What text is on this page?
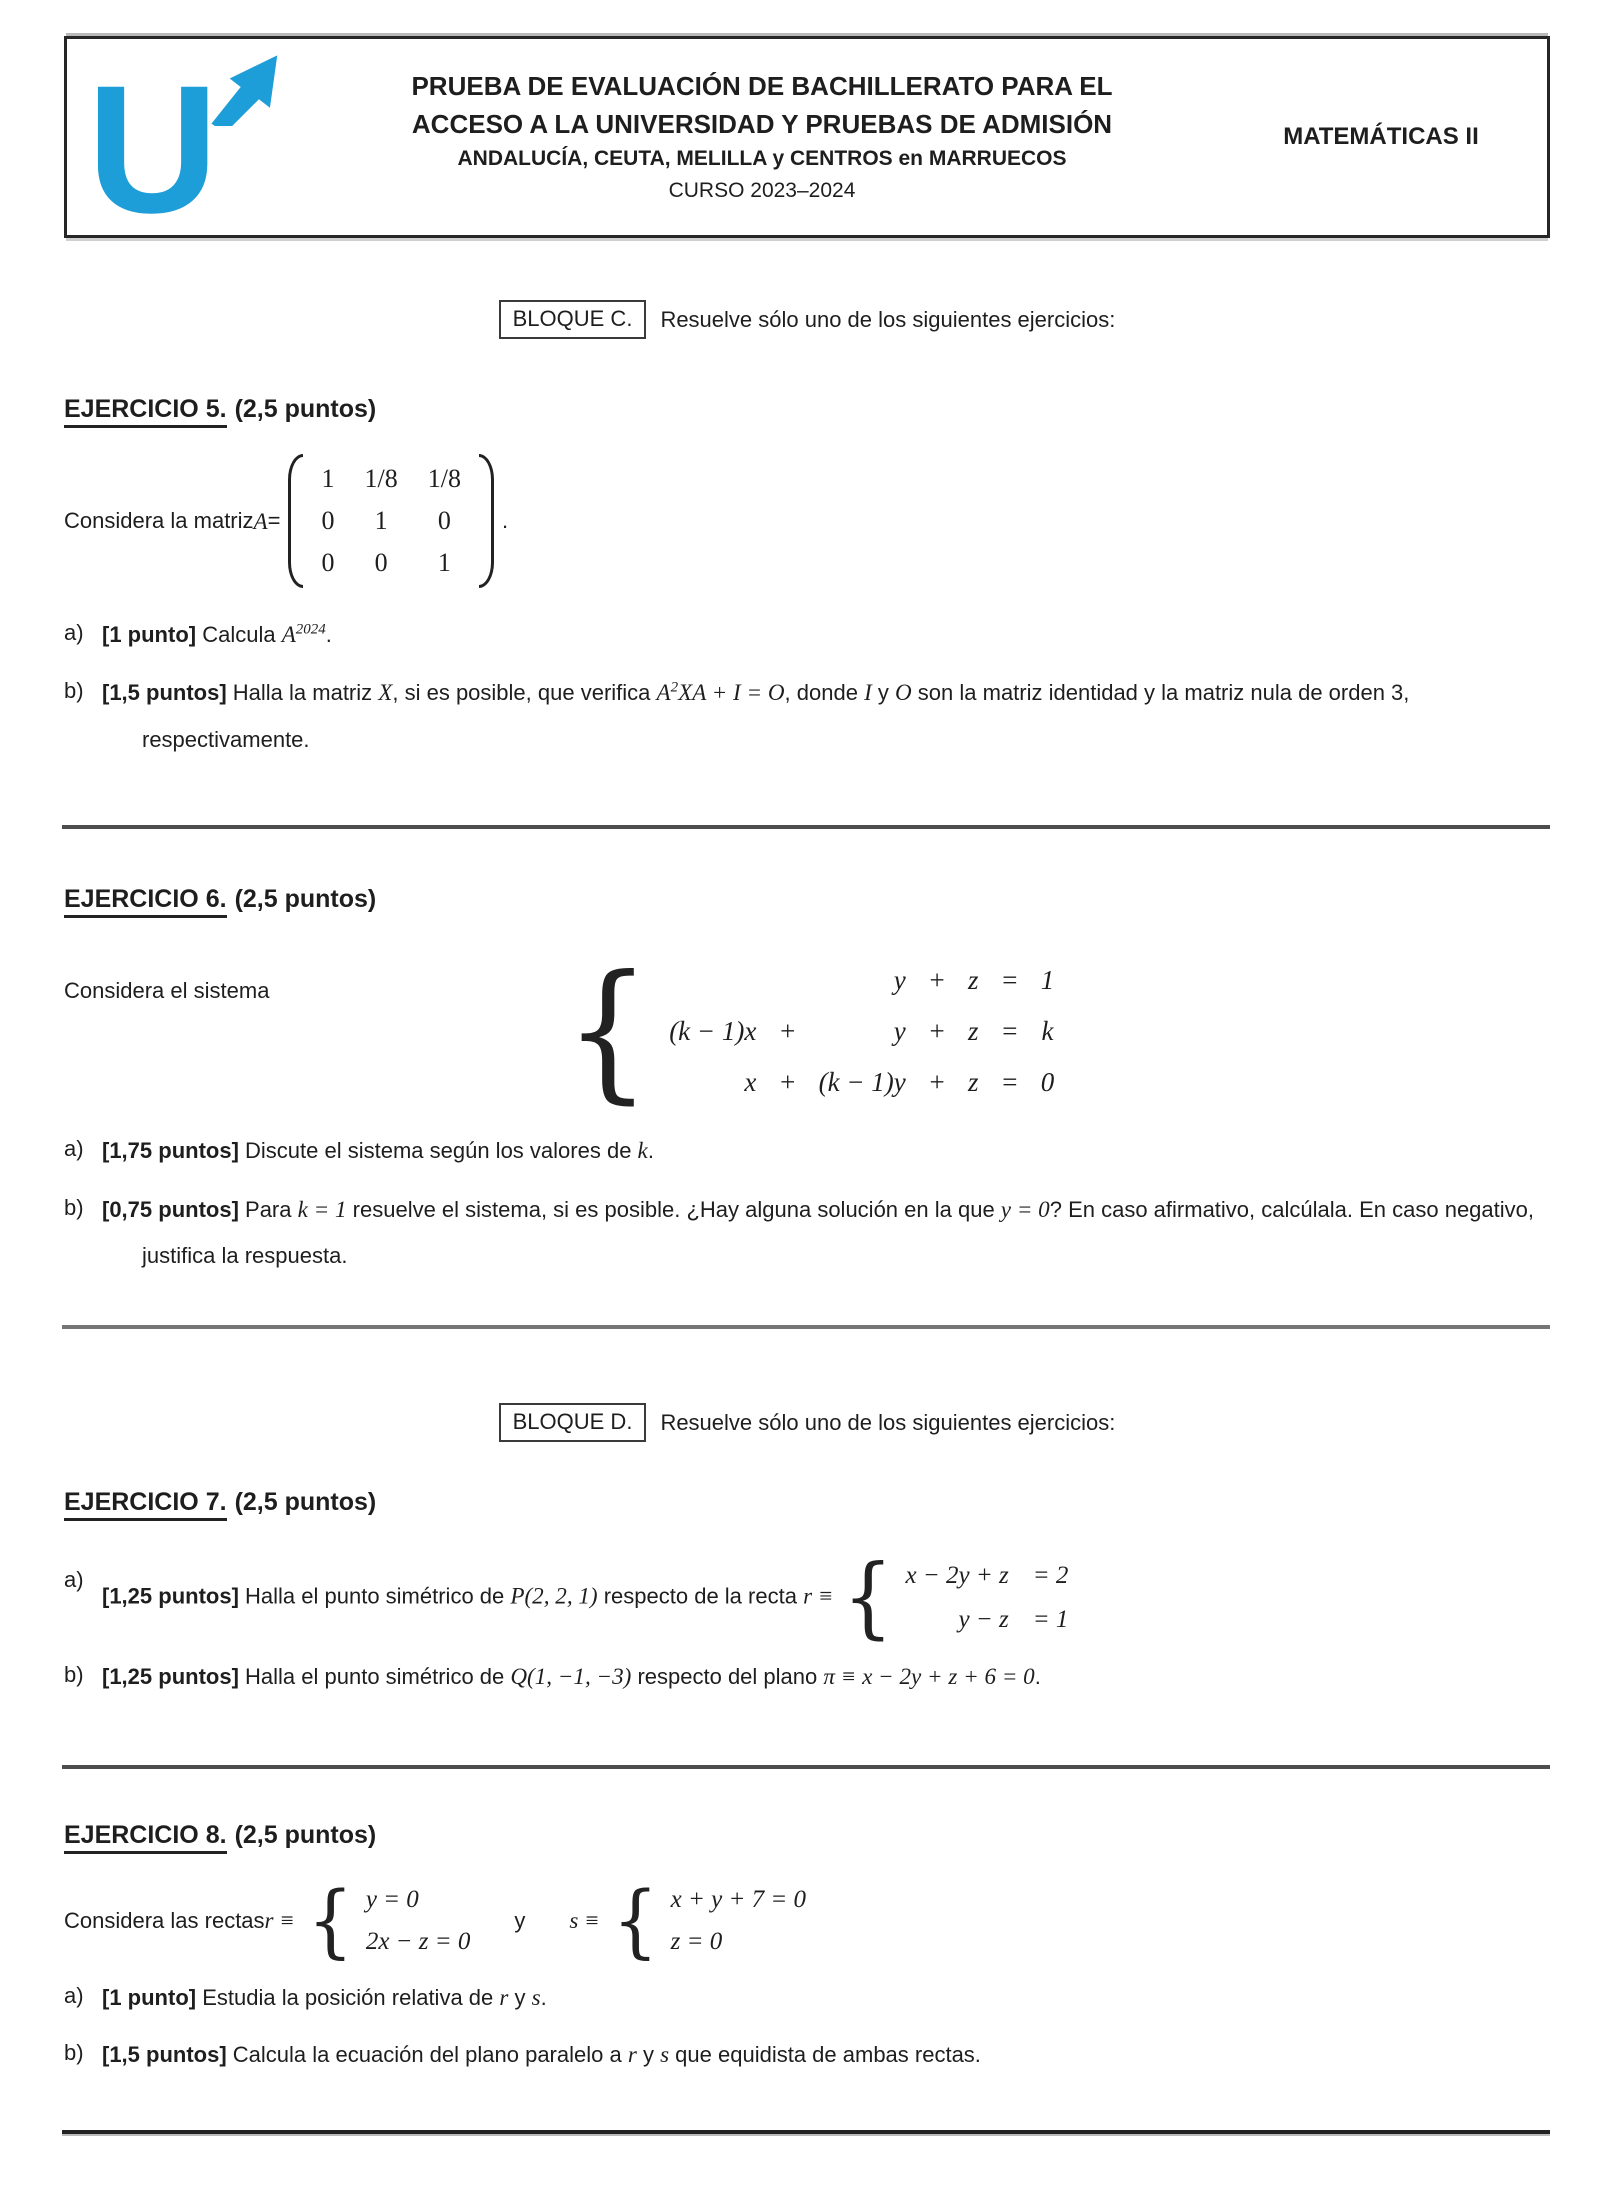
U	PRUEBA DE EVALUACIÓN DE BACHILLERATO PARA EL
ACCESO A LA UNIVERSIDAD Y PRUEBAS DE ADMISIÓN
ANDALUCÍA, CEUTA, MELILLA y CENTROS en MARRUECOS
CURSO 2023–2024
MATEMÁTICAS II
BLOQUE C.	Resuelve sólo uno de los siguientes ejercicios:
EJERCICIO 5. (2,5 puntos)
Considera la matriz A =
1 1/8 1/8
0	1	0
0	0	1
.
a) [1 punto] Calcula $A^{2024}$.
b) [1,5 puntos] Halla la matriz X, si es posible, que verifica $A^2XA + I = O$, donde I y O son la matriz identidad y la matriz nula de orden 3, respectivamente.
EJERCICIO 6. (2,5 puntos)
Considera el sistema {	y + z = 1
(k − 1)x +	y + z = k
x + (k − 1)y + z = 0
a) [1,75 puntos] Discute el sistema según los valores de k.
b) [0,75 puntos] Para k = 1 resuelve el sistema, si es posible. ¿Hay alguna solución en la que y = 0? En caso afirmativo, calcúlala. En caso negativo, justifica la respuesta.
BLOQUE D.	Resuelve sólo uno de los siguientes ejercicios:
EJERCICIO 7. (2,5 puntos)
a)
[1,25 puntos] Halla el punto simétrico de P(2, 2, 1) respecto de la recta r ≡ { x − 2y + z = 2
y − z = 1
b) [1,25 puntos] Halla el punto simétrico de Q(1, −1, −3) respecto del plano π ≡ x − 2y + z + 6 = 0.
EJERCICIO 8. (2,5 puntos)
Considera las rectas r ≡ { y = 0
2x − z = 0
y s ≡ { x + y + 7 = 0
z = 0
a) [1 punto] Estudia la posición relativa de r y s.
b) [1,5 puntos] Calcula la ecuación del plano paralelo a r y s que equidista de ambas rectas.
